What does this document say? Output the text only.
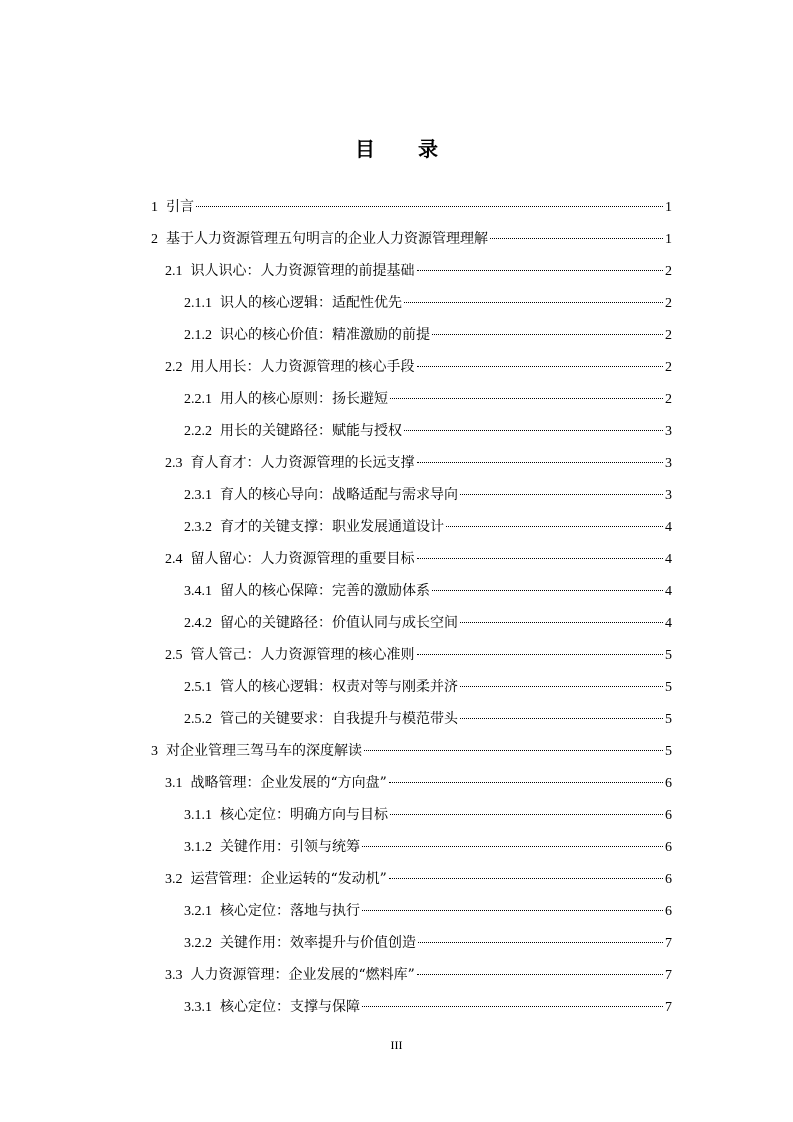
目 录
1 引言	1
2 基于人力资源管理五句明言的企业人力资源管理理解	1
2.1 识人识心：人力资源管理的前提基础	2
2.1.1 识人的核心逻辑：适配性优先	2
2.1.2 识心的核心价值：精准激励的前提	2
2.2 用人用长：人力资源管理的核心手段	2
2.2.1 用人的核心原则：扬长避短	2
2.2.2 用长的关键路径：赋能与授权	3
2.3 育人育才：人力资源管理的长远支撑	3
2.3.1 育人的核心导向：战略适配与需求导向	3
2.3.2 育才的关键支撑：职业发展通道设计	4
2.4 留人留心：人力资源管理的重要目标	4
3.4.1 留人的核心保障：完善的激励体系	4
2.4.2 留心的关键路径：价值认同与成长空间	4
2.5 管人管己：人力资源管理的核心准则	5
2.5.1 管人的核心逻辑：权责对等与刚柔并济	5
2.5.2 管己的关键要求：自我提升与模范带头	5
3 对企业管理三驾马车的深度解读	5
3.1 战略管理：企业发展的“方向盘”	6
3.1.1 核心定位：明确方向与目标	6
3.1.2 关键作用：引领与统筹	6
3.2 运营管理：企业运转的“发动机”	6
3.2.1 核心定位：落地与执行	6
3.2.2 关键作用：效率提升与价值创造	7
3.3 人力资源管理：企业发展的“燃料库”	7
3.3.1 核心定位：支撑与保障	7
III
